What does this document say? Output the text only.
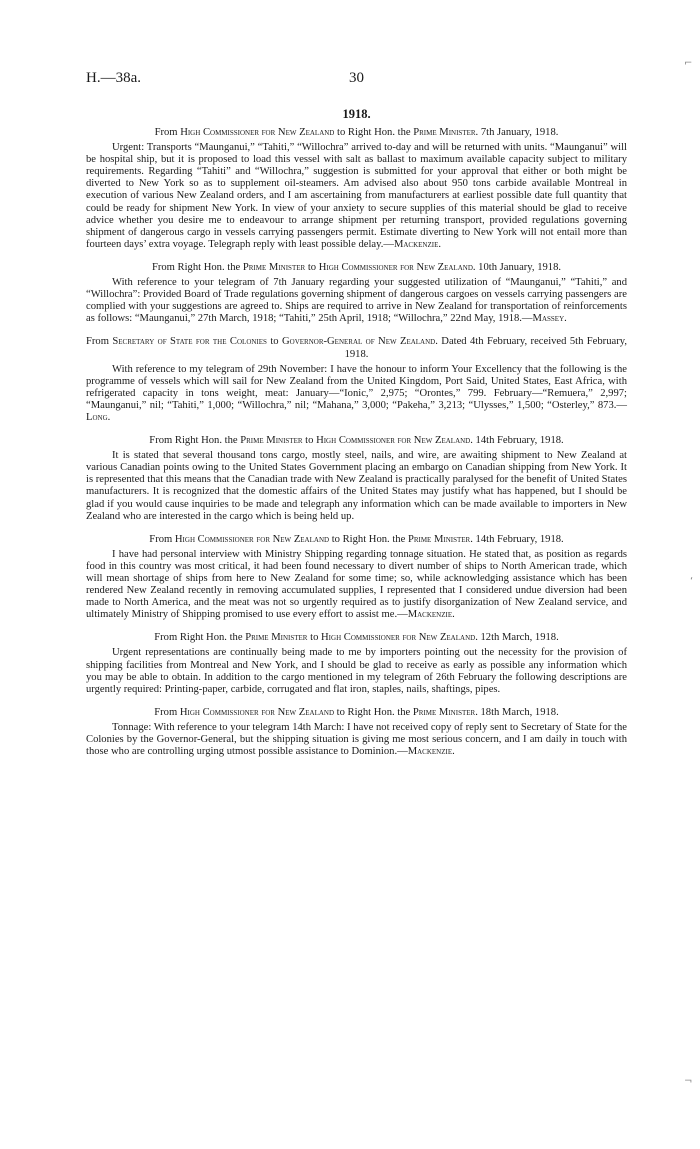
⌐
‘
¬
H.—38a.	30
1918.

From High Commissioner for New Zealand to Right Hon. the Prime Minister. 7th January, 1918.

Urgent: Transports “Maunganui,” “Tahiti,” “Willochra” arrived to-day and will be returned with units. “Maunganui” will be hospital ship, but it is proposed to load this vessel with salt as ballast to maximum available capacity subject to military requirements. Regarding “Tahiti” and “Willochra,” suggestion is submitted for your approval that either or both might be diverted to New York so as to supplement oil-steamers. Am advised also about 950 tons carbide available Montreal in execution of various New Zealand orders, and I am ascertaining from manufacturers at earliest possible date full quantity that could be ready for shipment New York. In view of your anxiety to secure supplies of this material should be glad to receive advice whether you desire me to endeavour to arrange shipment per returning transport, provided regulations governing shipment of dangerous cargo in vessels carrying passengers permit. Estimate diverting to New York will not entail more than fourteen days’ extra voyage. Telegraph reply with least possible delay.—Mackenzie.

From Right Hon. the Prime Minister to High Commissioner for New Zealand. 10th January, 1918.

With reference to your telegram of 7th January regarding your suggested utilization of “Maunganui,” “Tahiti,” and “Willochra”: Provided Board of Trade regulations governing shipment of dangerous cargoes on vessels carrying passengers are complied with your suggestions are agreed to. Ships are required to arrive in New Zealand for transportation of reinforcements as follows: “Maunganui,” 27th March, 1918; “Tahiti,” 25th April, 1918; “Willochra,” 22nd May, 1918.—Massey.

From Secretary of State for the Colonies to Governor-General of New Zealand. Dated 4th February, received 5th February, 1918.

With reference to my telegram of 29th November: I have the honour to inform Your Excellency that the following is the programme of vessels which will sail for New Zealand from the United Kingdom, Port Said, United States, East Africa, with refrigerated capacity in tons weight, meat: January—“Ionic,” 2,975; “Orontes,” 799. February—“Remuera,” 2,997; “Maunganui,” nil; “Tahiti,” 1,000; “Willochra,” nil; “Mahana,” 3,000; “Pakeha,” 3,213; “Ulysses,” 1,500; “Osterley,” 873.—Long.

From Right Hon. the Prime Minister to High Commissioner for New Zealand. 14th February, 1918.

It is stated that several thousand tons cargo, mostly steel, nails, and wire, are awaiting shipment to New Zealand at various Canadian points owing to the United States Government placing an embargo on Canadian shipping from New York. It is represented that this means that the Canadian trade with New Zealand is practically paralysed for the benefit of United States manufacturers. It is recognized that the domestic affairs of the United States may justify what has happened, but I should be glad if you would cause inquiries to be made and telegraph any information which can be made available to importers in New Zealand who are interested in the cargo which is being held up.

From High Commissioner for New Zealand to Right Hon. the Prime Minister. 14th February, 1918.

I have had personal interview with Ministry Shipping regarding tonnage situation. He stated that, as position as regards food in this country was most critical, it had been found necessary to divert number of ships to North American trade, which will mean shortage of ships from here to New Zealand for some time; so, while acknowledging assistance which has been rendered New Zealand recently in removing accumulated supplies, I represented that I considered undue diversion had been made to North America, and the meat was not so urgently required as to justify disorganization of New Zealand service, and ultimately Ministry of Shipping promised to use every effort to assist me.—Mackenzie.

From Right Hon. the Prime Minister to High Commissioner for New Zealand. 12th March, 1918.

Urgent representations are continually being made to me by importers pointing out the necessity for the provision of shipping facilities from Montreal and New York, and I should be glad to receive as early as possible any information which you may be able to obtain. In addition to the cargo mentioned in my telegram of 26th February the following descriptions are urgently required: Printing-paper, carbide, corrugated and flat iron, staples, nails, shaftings, pipes.

From High Commissioner for New Zealand to Right Hon. the Prime Minister. 18th March, 1918.

Tonnage: With reference to your telegram 14th March: I have not received copy of reply sent to Secretary of State for the Colonies by the Governor-General, but the shipping situation is giving me most serious concern, and I am daily in touch with those who are controlling urging utmost possible assistance to Dominion.—Mackenzie.
